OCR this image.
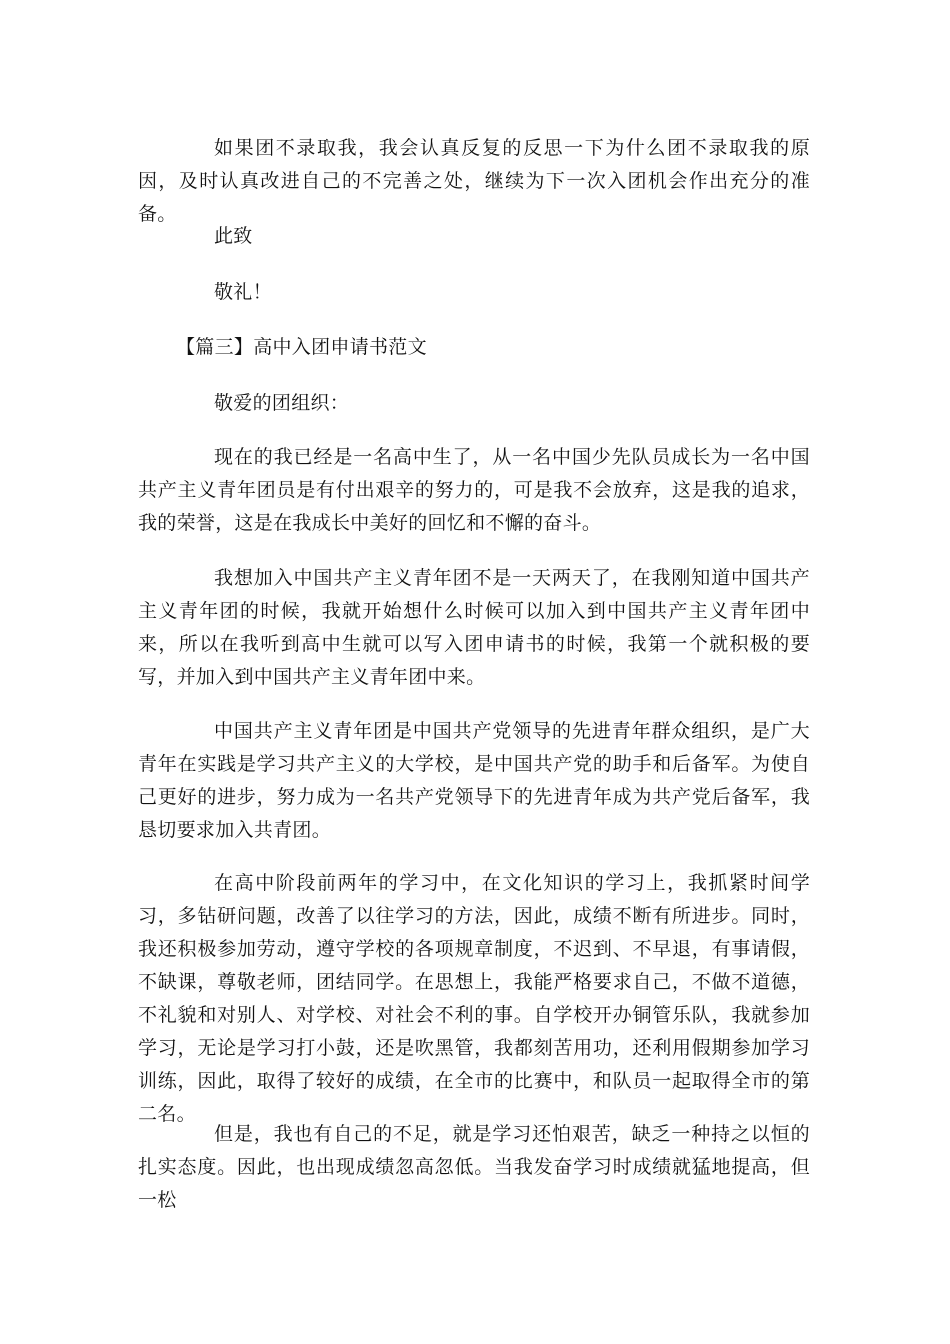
如果团不录取我，我会认真反复的反思一下为什么团不录取我的原因，及时认真改进自己的不完善之处，继续为下一次入团机会作出充分的准备。

此致

敬礼！

【篇三】高中入团申请书范文

敬爱的团组织：

现在的我已经是一名高中生了，从一名中国少先队员成长为一名中国共产主义青年团员是有付出艰辛的努力的，可是我不会放弃，这是我的追求，我的荣誉，这是在我成长中美好的回忆和不懈的奋斗。

我想加入中国共产主义青年团不是一天两天了，在我刚知道中国共产主义青年团的时候，我就开始想什么时候可以加入到中国共产主义青年团中来，所以在我听到高中生就可以写入团申请书的时候，我第一个就积极的要写，并加入到中国共产主义青年团中来。

中国共产主义青年团是中国共产党领导的先进青年群众组织，是广大青年在实践是学习共产主义的大学校，是中国共产党的助手和后备军。为使自己更好的进步，努力成为一名共产党领导下的先进青年成为共产党后备军，我恳切要求加入共青团。

在高中阶段前两年的学习中，在文化知识的学习上，我抓紧时间学习，多钻研问题，改善了以往学习的方法，因此，成绩不断有所进步。同时，我还积极参加劳动，遵守学校的各项规章制度，不迟到、不早退，有事请假，不缺课，尊敬老师，团结同学。在思想上，我能严格要求自己，不做不道德，不礼貌和对别人、对学校、对社会不利的事。自学校开办铜管乐队，我就参加学习，无论是学习打小鼓，还是吹黑管，我都刻苦用功，还利用假期参加学习训练，因此，取得了较好的成绩，在全市的比赛中，和队员一起取得全市的第二名。

但是，我也有自己的不足，就是学习还怕艰苦，缺乏一种持之以恒的扎实态度。因此，也出现成绩忽高忽低。当我发奋学习时成绩就猛地提高，但一松
